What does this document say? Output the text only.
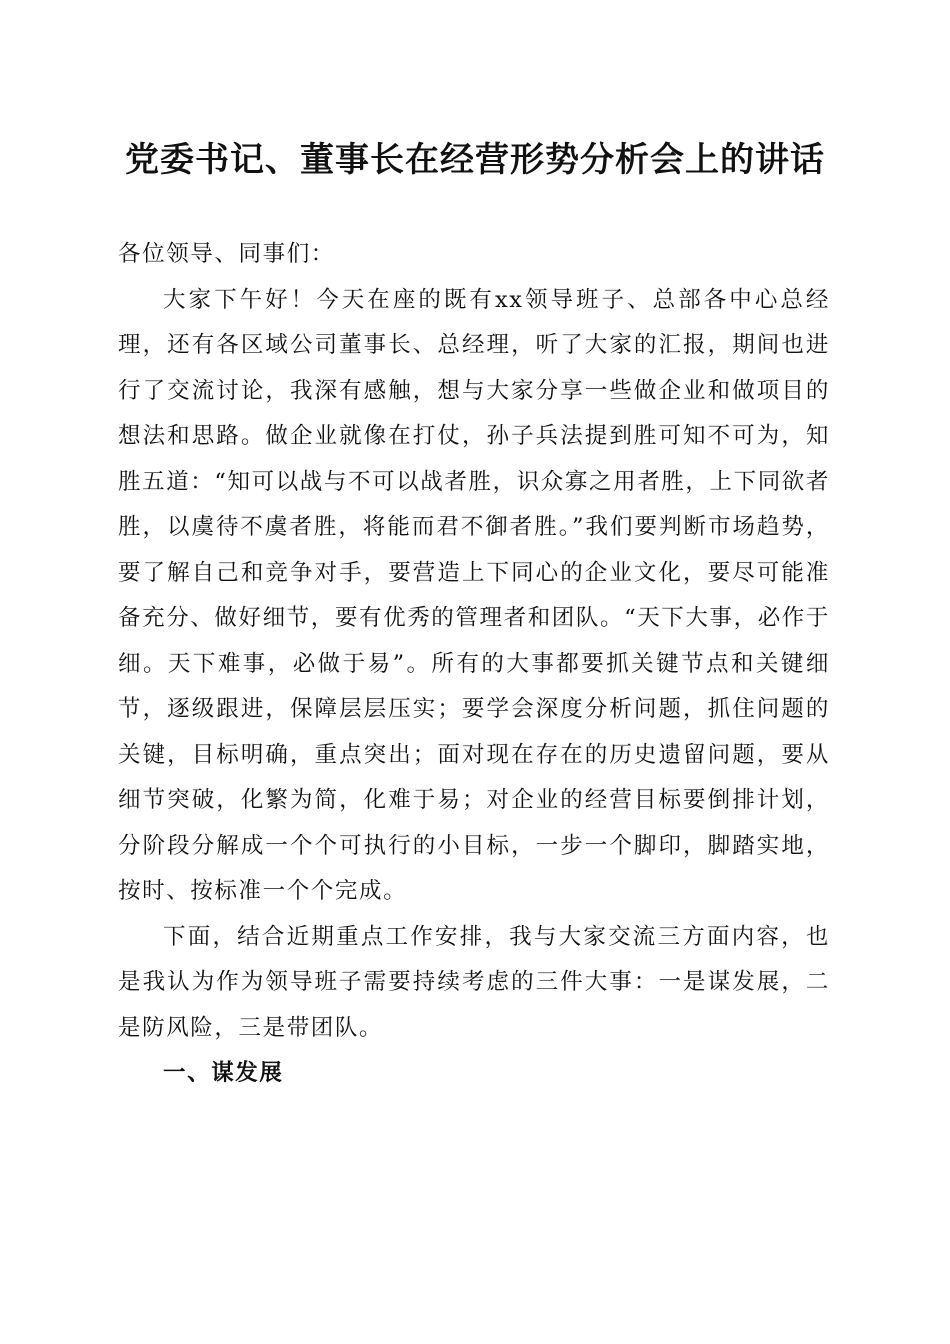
党委书记、董事长在经营形势分析会上的讲话

各位领导、同事们：

大家下午好！今天在座的既有xx领导班子、总部各中心总经理，还有各区域公司董事长、总经理，听了大家的汇报，期间也进行了交流讨论，我深有感触，想与大家分享一些做企业和做项目的想法和思路。做企业就像在打仗，孙子兵法提到胜可知不可为，知胜五道：“知可以战与不可以战者胜，识众寡之用者胜，上下同欲者胜，以虞待不虞者胜，将能而君不御者胜。”我们要判断市场趋势，要了解自己和竞争对手，要营造上下同心的企业文化，要尽可能准备充分、做好细节，要有优秀的管理者和团队。“天下大事，必作于细。天下难事，必做于易”。所有的大事都要抓关键节点和关键细节，逐级跟进，保障层层压实；要学会深度分析问题，抓住问题的关键，目标明确，重点突出；面对现在存在的历史遗留问题，要从细节突破，化繁为简，化难于易；对企业的经营目标要倒排计划，分阶段分解成一个个可执行的小目标，一步一个脚印，脚踏实地，按时、按标准一个个完成。

下面，结合近期重点工作安排，我与大家交流三方面内容，也是我认为作为领导班子需要持续考虑的三件大事：一是谋发展，二是防风险，三是带团队。

一、谋发展
